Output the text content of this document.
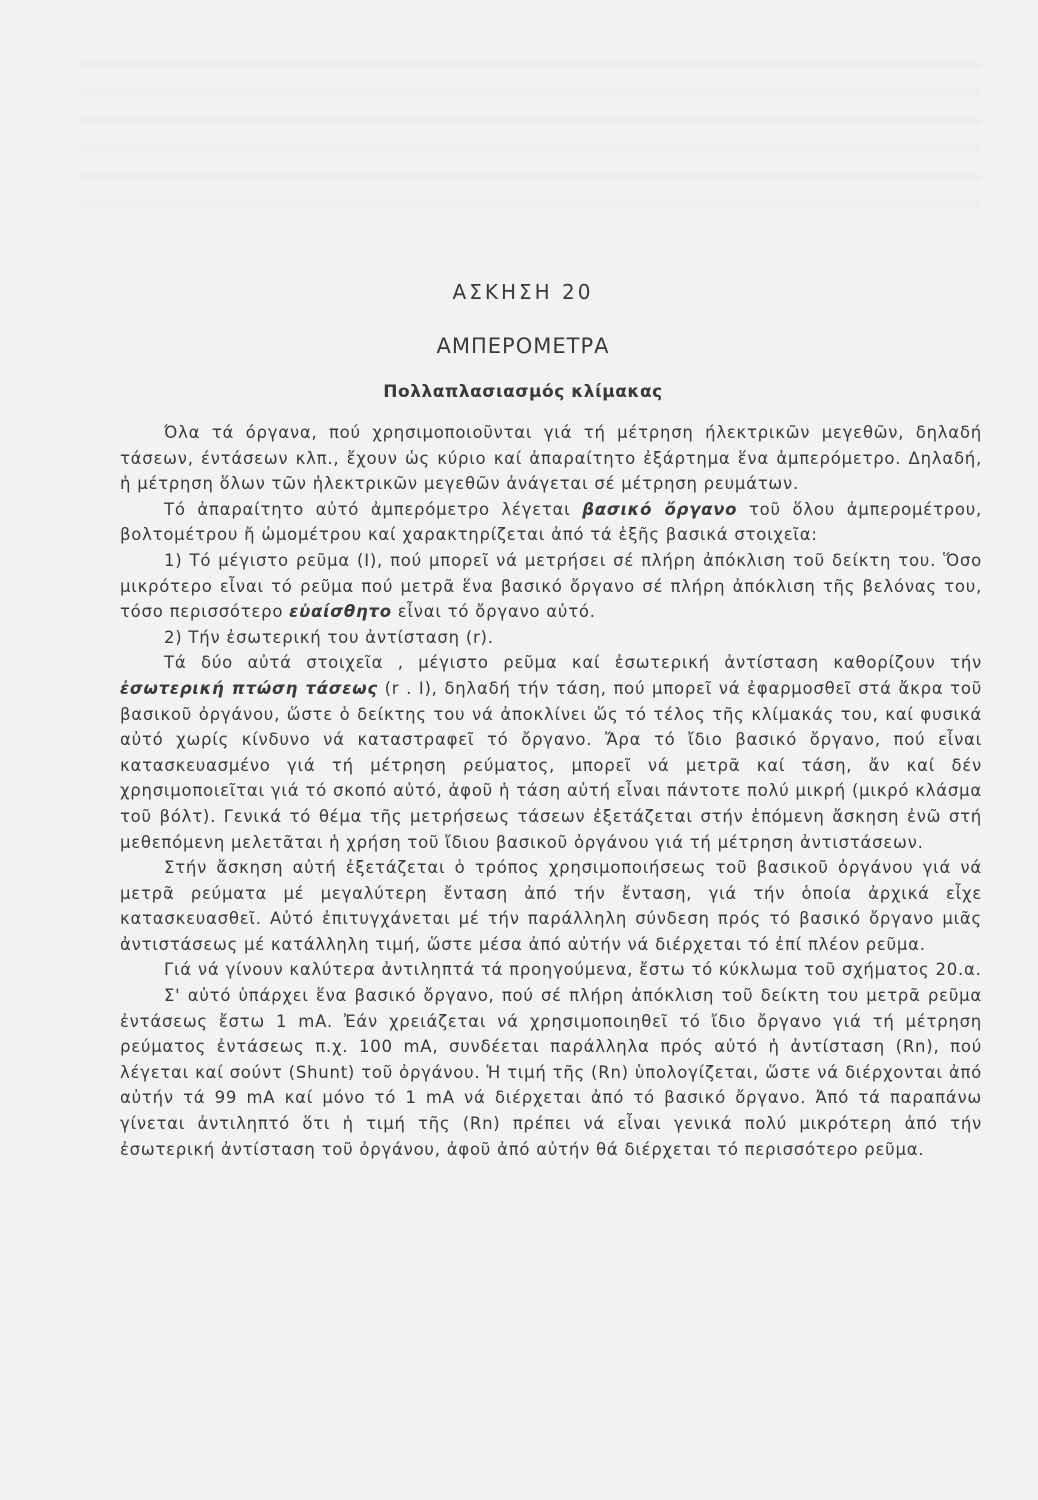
ΑΣΚΗΣΗ 20
ΑΜΠΕΡΟΜΕΤΡΑ
Πολλαπλασιασμός κλίμακας

Όλα τά όργανα, πού χρησιμοποιοῦνται γιά τή μέτρηση ήλεκτρικῶν μεγεθῶν, δηλαδή τάσεων, έντάσεων κλπ., ἔχουν ὡς κύριο καί ἀπαραίτητο ἐξάρτημα ἕνα ἀμπερόμετρο. Δηλαδή, ἡ μέτρηση ὅλων τῶν ἠλεκτρικῶν μεγεθῶν ἀνάγεται σέ μέτρηση ρευμάτων.

Τό ἀπαραίτητο αὐτό ἀμπερόμετρο λέγεται βασικό ὄργανο τοῦ ὅλου ἀμπερομέτρου, βολτομέτρου ἤ ὠμομέτρου καί χαρακτηρίζεται ἀπό τά ἑξῆς βασικά στοιχεῖα:

1) Τό μέγιστο ρεῦμα (I), πού μπορεῖ νά μετρήσει σέ πλήρη ἀπόκλιση τοῦ δείκτη του. Ὅσο μικρότερο εἶναι τό ρεῦμα πού μετρᾶ ἕνα βασικό ὄργανο σέ πλήρη ἀπόκλιση τῆς βελόνας του, τόσο περισσότερο εὐαίσθητο εἶναι τό ὄργανο αὐτό.

2) Τήν ἐσωτερική του ἀντίσταση (r).

Τά δύο αὐτά στοιχεῖα , μέγιστο ρεῦμα καί ἐσωτερική ἀντίσταση καθορίζουν τήν ἐσωτερική πτώση τάσεως (r . I), δηλαδή τήν τάση, πού μπορεῖ νά ἐφαρμοσθεῖ στά ἄκρα τοῦ βασικοῦ ὀργάνου, ὥστε ὁ δείκτης του νά ἀποκλίνει ὥς τό τέλος τῆς κλίμακάς του, καί φυσικά αὐτό χωρίς κίνδυνο νά καταστραφεῖ τό ὄργανο. Ἄρα τό ἴδιο βασικό ὄργανο, πού εἶναι κατασκευασμένο γιά τή μέτρηση ρεύματος, μπορεῖ νά μετρᾶ καί τάση, ἄν καί δέν χρησιμοποιεῖται γιά τό σκοπό αὐτό, ἀφοῦ ἡ τάση αὐτή εἶναι πάντοτε πολύ μικρή (μικρό κλάσμα τοῦ βόλτ). Γενικά τό θέμα τῆς μετρήσεως τάσεων ἐξετάζεται στήν ἑπόμενη ἄσκηση ἐνῶ στή μεθεπόμενη μελετᾶται ἡ χρήση τοῦ ἴδιου βασικοῦ ὀργάνου γιά τή μέτρηση ἀντιστάσεων.

Στήν ἄσκηση αὐτή ἐξετάζεται ὁ τρόπος χρησιμοποιήσεως τοῦ βασικοῦ ὀργάνου γιά νά μετρᾶ ρεύματα μέ μεγαλύτερη ἔνταση ἀπό τήν ἔνταση, γιά τήν ὁποία ἀρχικά εἶχε κατασκευασθεῖ. Αὐτό ἐπιτυγχάνεται μέ τήν παράλληλη σύνδεση πρός τό βασικό ὄργανο μιᾶς ἀντιστάσεως μέ κατάλληλη τιμή, ὥστε μέσα ἀπό αὐτήν νά διέρχεται τό ἐπί πλέον ρεῦμα.

Γιά νά γίνουν καλύτερα ἀντιληπτά τά προηγούμενα, ἔστω τό κύκλωμα τοῦ σχήματος 20.α.

Σ' αὐτό ὑπάρχει ἕνα βασικό ὄργανο, πού σέ πλήρη ἀπόκλιση τοῦ δείκτη του μετρᾶ ρεῦμα ἐντάσεως ἔστω 1 mA. Ἐάν χρειάζεται νά χρησιμοποιηθεῖ τό ἴδιο ὄργανο γιά τή μέτρηση ρεύματος ἐντάσεως π.χ. 100 mA, συνδέεται παράλληλα πρός αὐτό ἡ ἀντίσταση (Rn), πού λέγεται καί σούντ (Shunt) τοῦ ὀργάνου. Ἡ τιμή τῆς (Rn) ὑπολογίζεται, ὥστε νά διέρχονται ἀπό αὐτήν τά 99 mA καί μόνο τό 1 mA νά διέρχεται ἀπό τό βασικό ὄργανο. Ἀπό τά παραπάνω γίνεται ἀντιληπτό ὅτι ἡ τιμή τῆς (Rn) πρέπει νά εἶναι γενικά πολύ μικρότερη ἀπό τήν ἐσωτερική ἀντίσταση τοῦ ὀργάνου, ἀφοῦ ἀπό αὐτήν θά διέρχεται τό περισσότερο ρεῦμα.
